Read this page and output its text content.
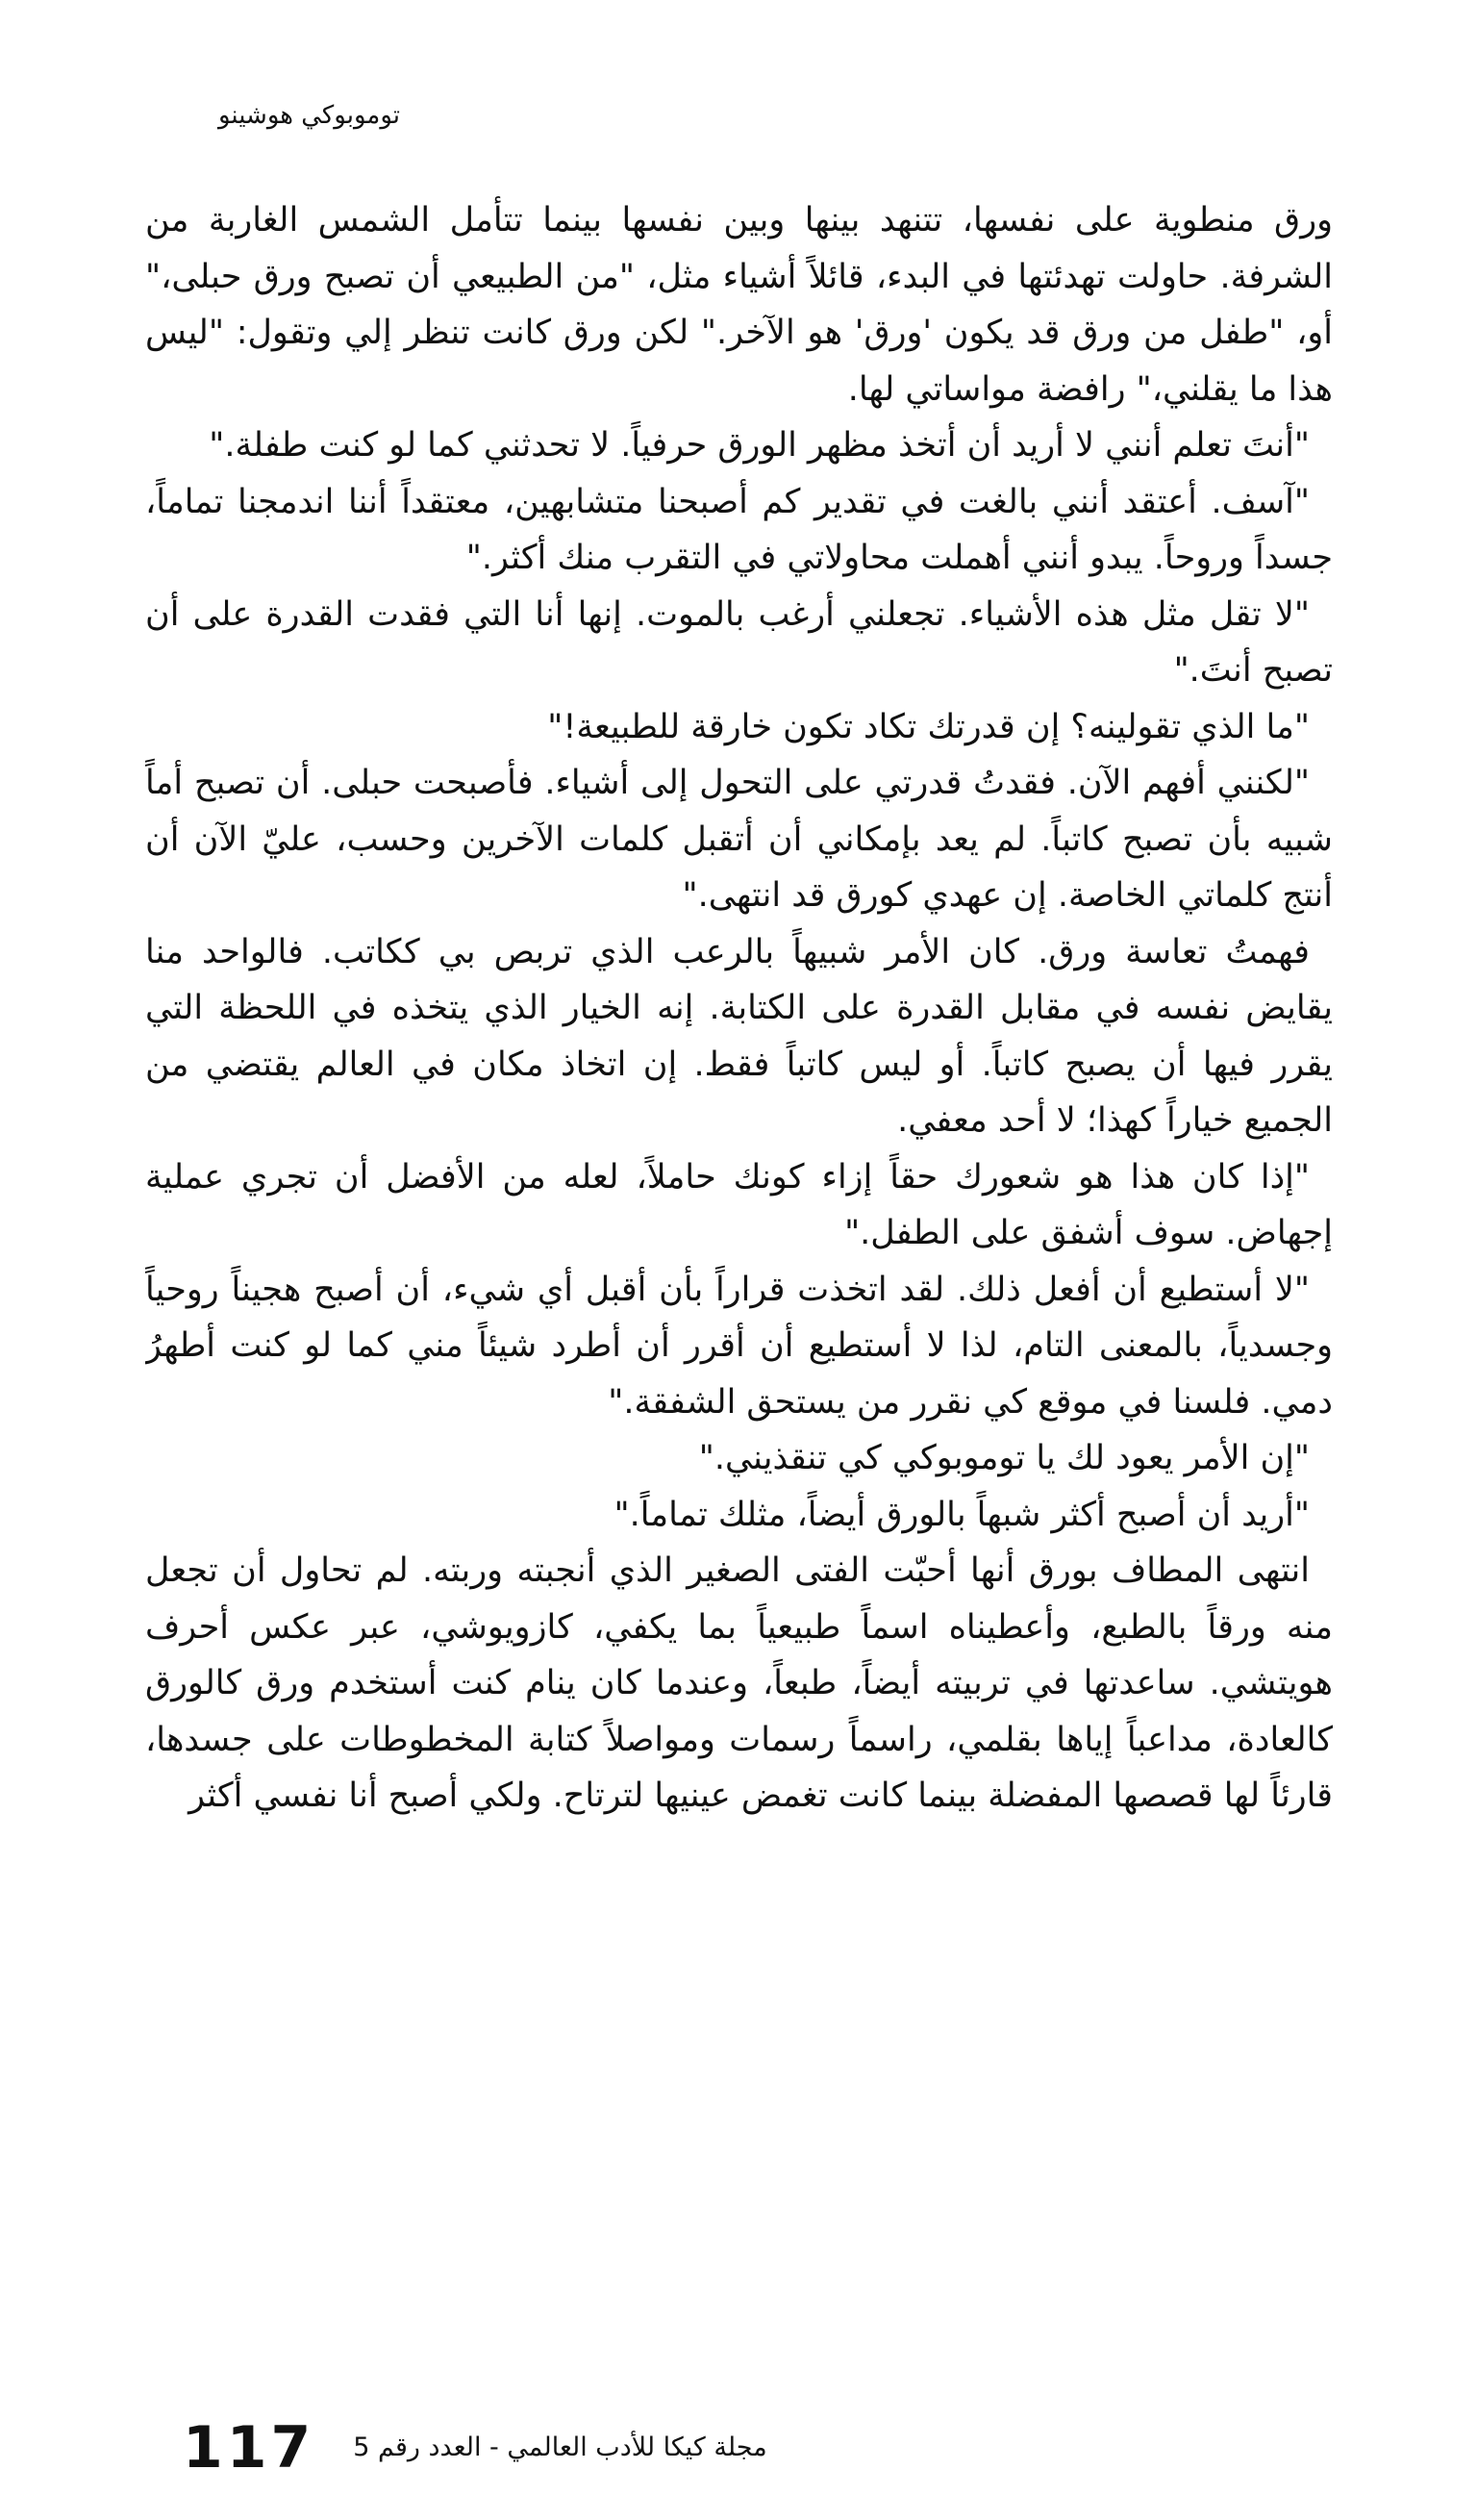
توموبوكي هوشينو

ورق منطوية على نفسها، تتنهد بينها وبين نفسها بينما تتأمل الشمس الغاربة من الشرفة. حاولت تهدئتها في البدء، قائلاً أشياء مثل، "من الطبيعي أن تصبح ورق حبلى،" أو، "طفل من ورق قد يكون 'ورق' هو الآخر." لكن ورق كانت تنظر إلي وتقول: "ليس هذا ما يقلني،" رافضة مواساتي لها.

"أنتَ تعلم أنني لا أريد أن أتخذ مظهر الورق حرفياً. لا تحدثني كما لو كنت طفلة."

"آسف. أعتقد أنني بالغت في تقدير كم أصبحنا متشابهين، معتقداً أننا اندمجنا تماماً، جسداً وروحاً. يبدو أنني أهملت محاولاتي في التقرب منك أكثر."

"لا تقل مثل هذه الأشياء. تجعلني أرغب بالموت. إنها أنا التي فقدت القدرة على أن تصبح أنتَ."

"ما الذي تقولينه؟ إن قدرتك تكاد تكون خارقة للطبيعة!"

"لكنني أفهم الآن. فقدتُ قدرتي على التحول إلى أشياء. فأصبحت حبلى. أن تصبح أماً شبيه بأن تصبح كاتباً. لم يعد بإمكاني أن أتقبل كلمات الآخرين وحسب، عليّ الآن أن أنتج كلماتي الخاصة. إن عهدي كورق قد انتهى."

فهمتُ تعاسة ورق. كان الأمر شبيهاً بالرعب الذي تربص بي ككاتب. فالواحد منا يقايض نفسه في مقابل القدرة على الكتابة. إنه الخيار الذي يتخذه في اللحظة التي يقرر فيها أن يصبح كاتباً. أو ليس كاتباً فقط. إن اتخاذ مكان في العالم يقتضي من الجميع خياراً كهذا؛ لا أحد معفي.

"إذا كان هذا هو شعورك حقاً إزاء كونك حاملاً، لعله من الأفضل أن تجري عملية إجهاض. سوف أشفق على الطفل."

"لا أستطيع أن أفعل ذلك. لقد اتخذت قراراً بأن أقبل أي شيء، أن أصبح هجيناً روحياً وجسدياً، بالمعنى التام، لذا لا أستطيع أن أقرر أن أطرد شيئاً مني كما لو كنت أطهرُ دمي. فلسنا في موقع كي نقرر من يستحق الشفقة."

"إن الأمر يعود لك يا توموبوكي كي تنقذيني."

"أريد أن أصبح أكثر شبهاً بالورق أيضاً، مثلك تماماً."

انتهى المطاف بورق أنها أحبّت الفتى الصغير الذي أنجبته وربته. لم تحاول أن تجعل منه ورقاً بالطبع، وأعطيناه اسماً طبيعياً بما يكفي، كازويوشي، عبر عكس أحرف هويتشي. ساعدتها في تربيته أيضاً، طبعاً، وعندما كان ينام كنت أستخدم ورق كالورق كالعادة، مداعباً إياها بقلمي، راسماً رسمات ومواصلاً كتابة المخطوطات على جسدها، قارئاً لها قصصها المفضلة بينما كانت تغمض عينيها لترتاح. ولكي أصبح أنا نفسي أكثر

117 مجلة كيكا للأدب العالمي - العدد رقم 5
